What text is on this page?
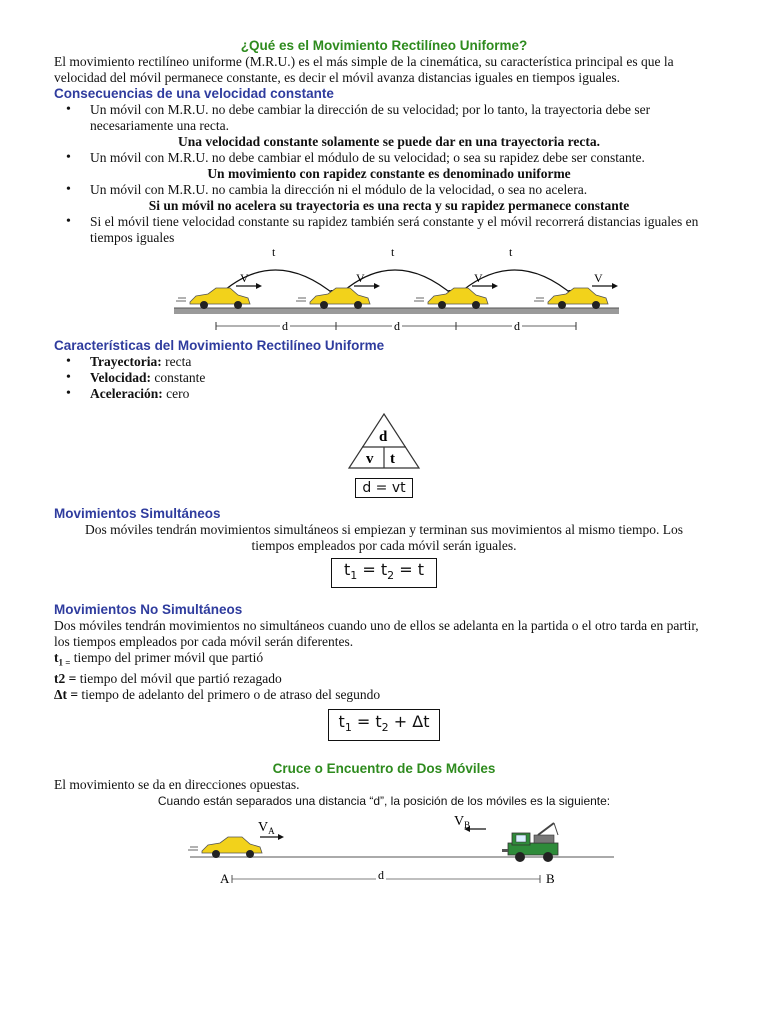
¿Qué es el Movimiento Rectilíneo Uniforme?

El movimiento rectilíneo uniforme (M.R.U.) es el más simple de la cinemática, su característica principal es que la velocidad del móvil permanece constante, es decir el móvil avanza distancias iguales en tiempos iguales.

Consecuencias de una velocidad constante
• Un móvil con M.R.U. no debe cambiar la dirección de su velocidad; por lo tanto, la trayectoria debe ser necesariamente una recta.
Una velocidad constante solamente se puede dar en una trayectoria recta.
• Un móvil con M.R.U. no debe cambiar el módulo de su velocidad; o sea su rapidez debe ser constante.
Un movimiento con rapidez constante es denominado uniforme
• Un móvil con M.R.U. no cambia la dirección ni el módulo de la velocidad, o sea no acelera.
Si un móvil no acelera su trayectoria es una recta y su rapidez permanece constante
• Si el móvil tiene velocidad constante su rapidez también será constante y el móvil recorrerá distancias iguales en tiempos iguales
t	t	t
V	V	V	V
d	d	d
Características del Movimiento Rectilíneo Uniforme
• Trayectoria: recta
• Velocidad: constante
• Aceleración: cero
d
v t
d = vt
Movimientos Simultáneos

Dos móviles tendrán movimientos simultáneos si empiezan y terminan sus movimientos al mismo tiempo. Los tiempos empleados por cada móvil serán iguales.

$t_1 = t_2 = t$
Movimientos No Simultáneos

Dos móviles tendrán movimientos no simultáneos cuando uno de ellos se adelanta en la partida o el otro tarda en partir, los tiempos empleados por cada móvil serán diferentes.

$t_{1 =}$ tiempo del primer móvil que partió
t2 = tiempo del móvil que partió rezagado
Δt = tiempo de adelanto del primero o de atraso del segundo
$t_1 = t_2 + \Delta t$
Cruce o Encuentro de Dos Móviles

El movimiento se da en direcciones opuestas.

Cuando están separados una distancia “d”, la posición de los móviles es la siguiente:

$V_A$
$V_B$
A	B
d
